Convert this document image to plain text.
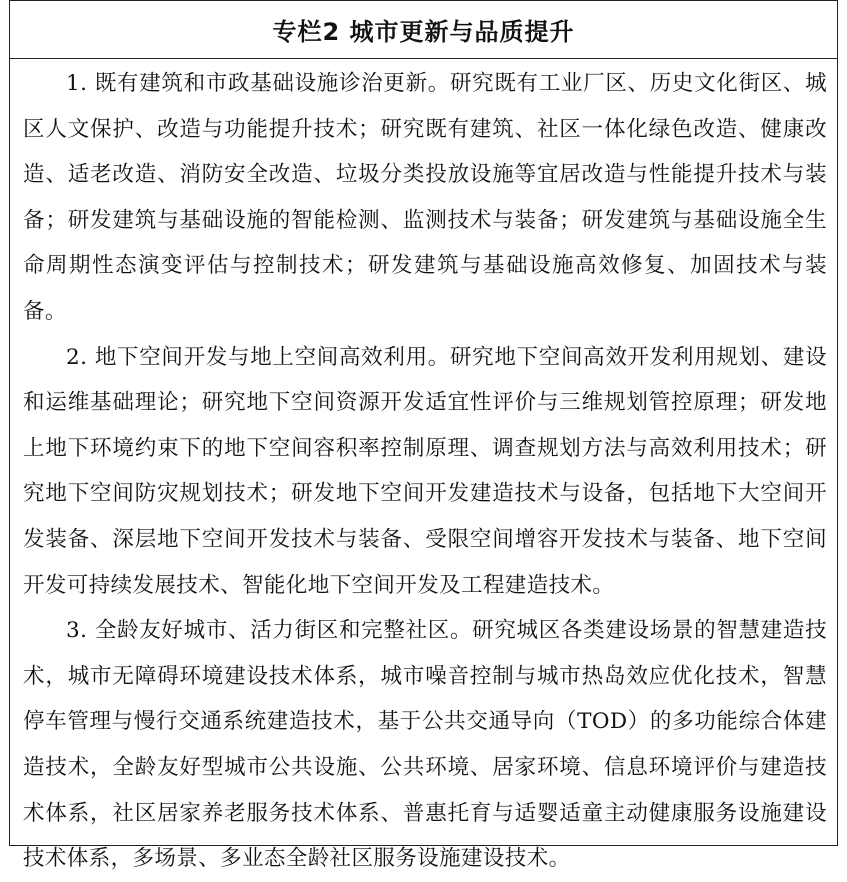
专栏2 城市更新与品质提升

1. 既有建筑和市政基础设施诊治更新。研究既有工业厂区、历史文化街区、城区人文保护、改造与功能提升技术；研究既有建筑、社区一体化绿色改造、健康改造、适老改造、消防安全改造、垃圾分类投放设施等宜居改造与性能提升技术与装备；研发建筑与基础设施的智能检测、监测技术与装备；研发建筑与基础设施全生命周期性态演变评估与控制技术；研发建筑与基础设施高效修复、加固技术与装备。

2. 地下空间开发与地上空间高效利用。研究地下空间高效开发利用规划、建设和运维基础理论；研究地下空间资源开发适宜性评价与三维规划管控原理；研发地上地下环境约束下的地下空间容积率控制原理、调查规划方法与高效利用技术；研究地下空间防灾规划技术；研发地下空间开发建造技术与设备，包括地下大空间开发装备、深层地下空间开发技术与装备、受限空间增容开发技术与装备、地下空间开发可持续发展技术、智能化地下空间开发及工程建造技术。

3. 全龄友好城市、活力街区和完整社区。研究城区各类建设场景的智慧建造技术，城市无障碍环境建设技术体系，城市噪音控制与城市热岛效应优化技术，智慧停车管理与慢行交通系统建造技术，基于公共交通导向（TOD）的多功能综合体建造技术，全龄友好型城市公共设施、公共环境、居家环境、信息环境评价与建造技术体系，社区居家养老服务技术体系、普惠托育与适婴适童主动健康服务设施建设技术体系，多场景、多业态全龄社区服务设施建设技术。
